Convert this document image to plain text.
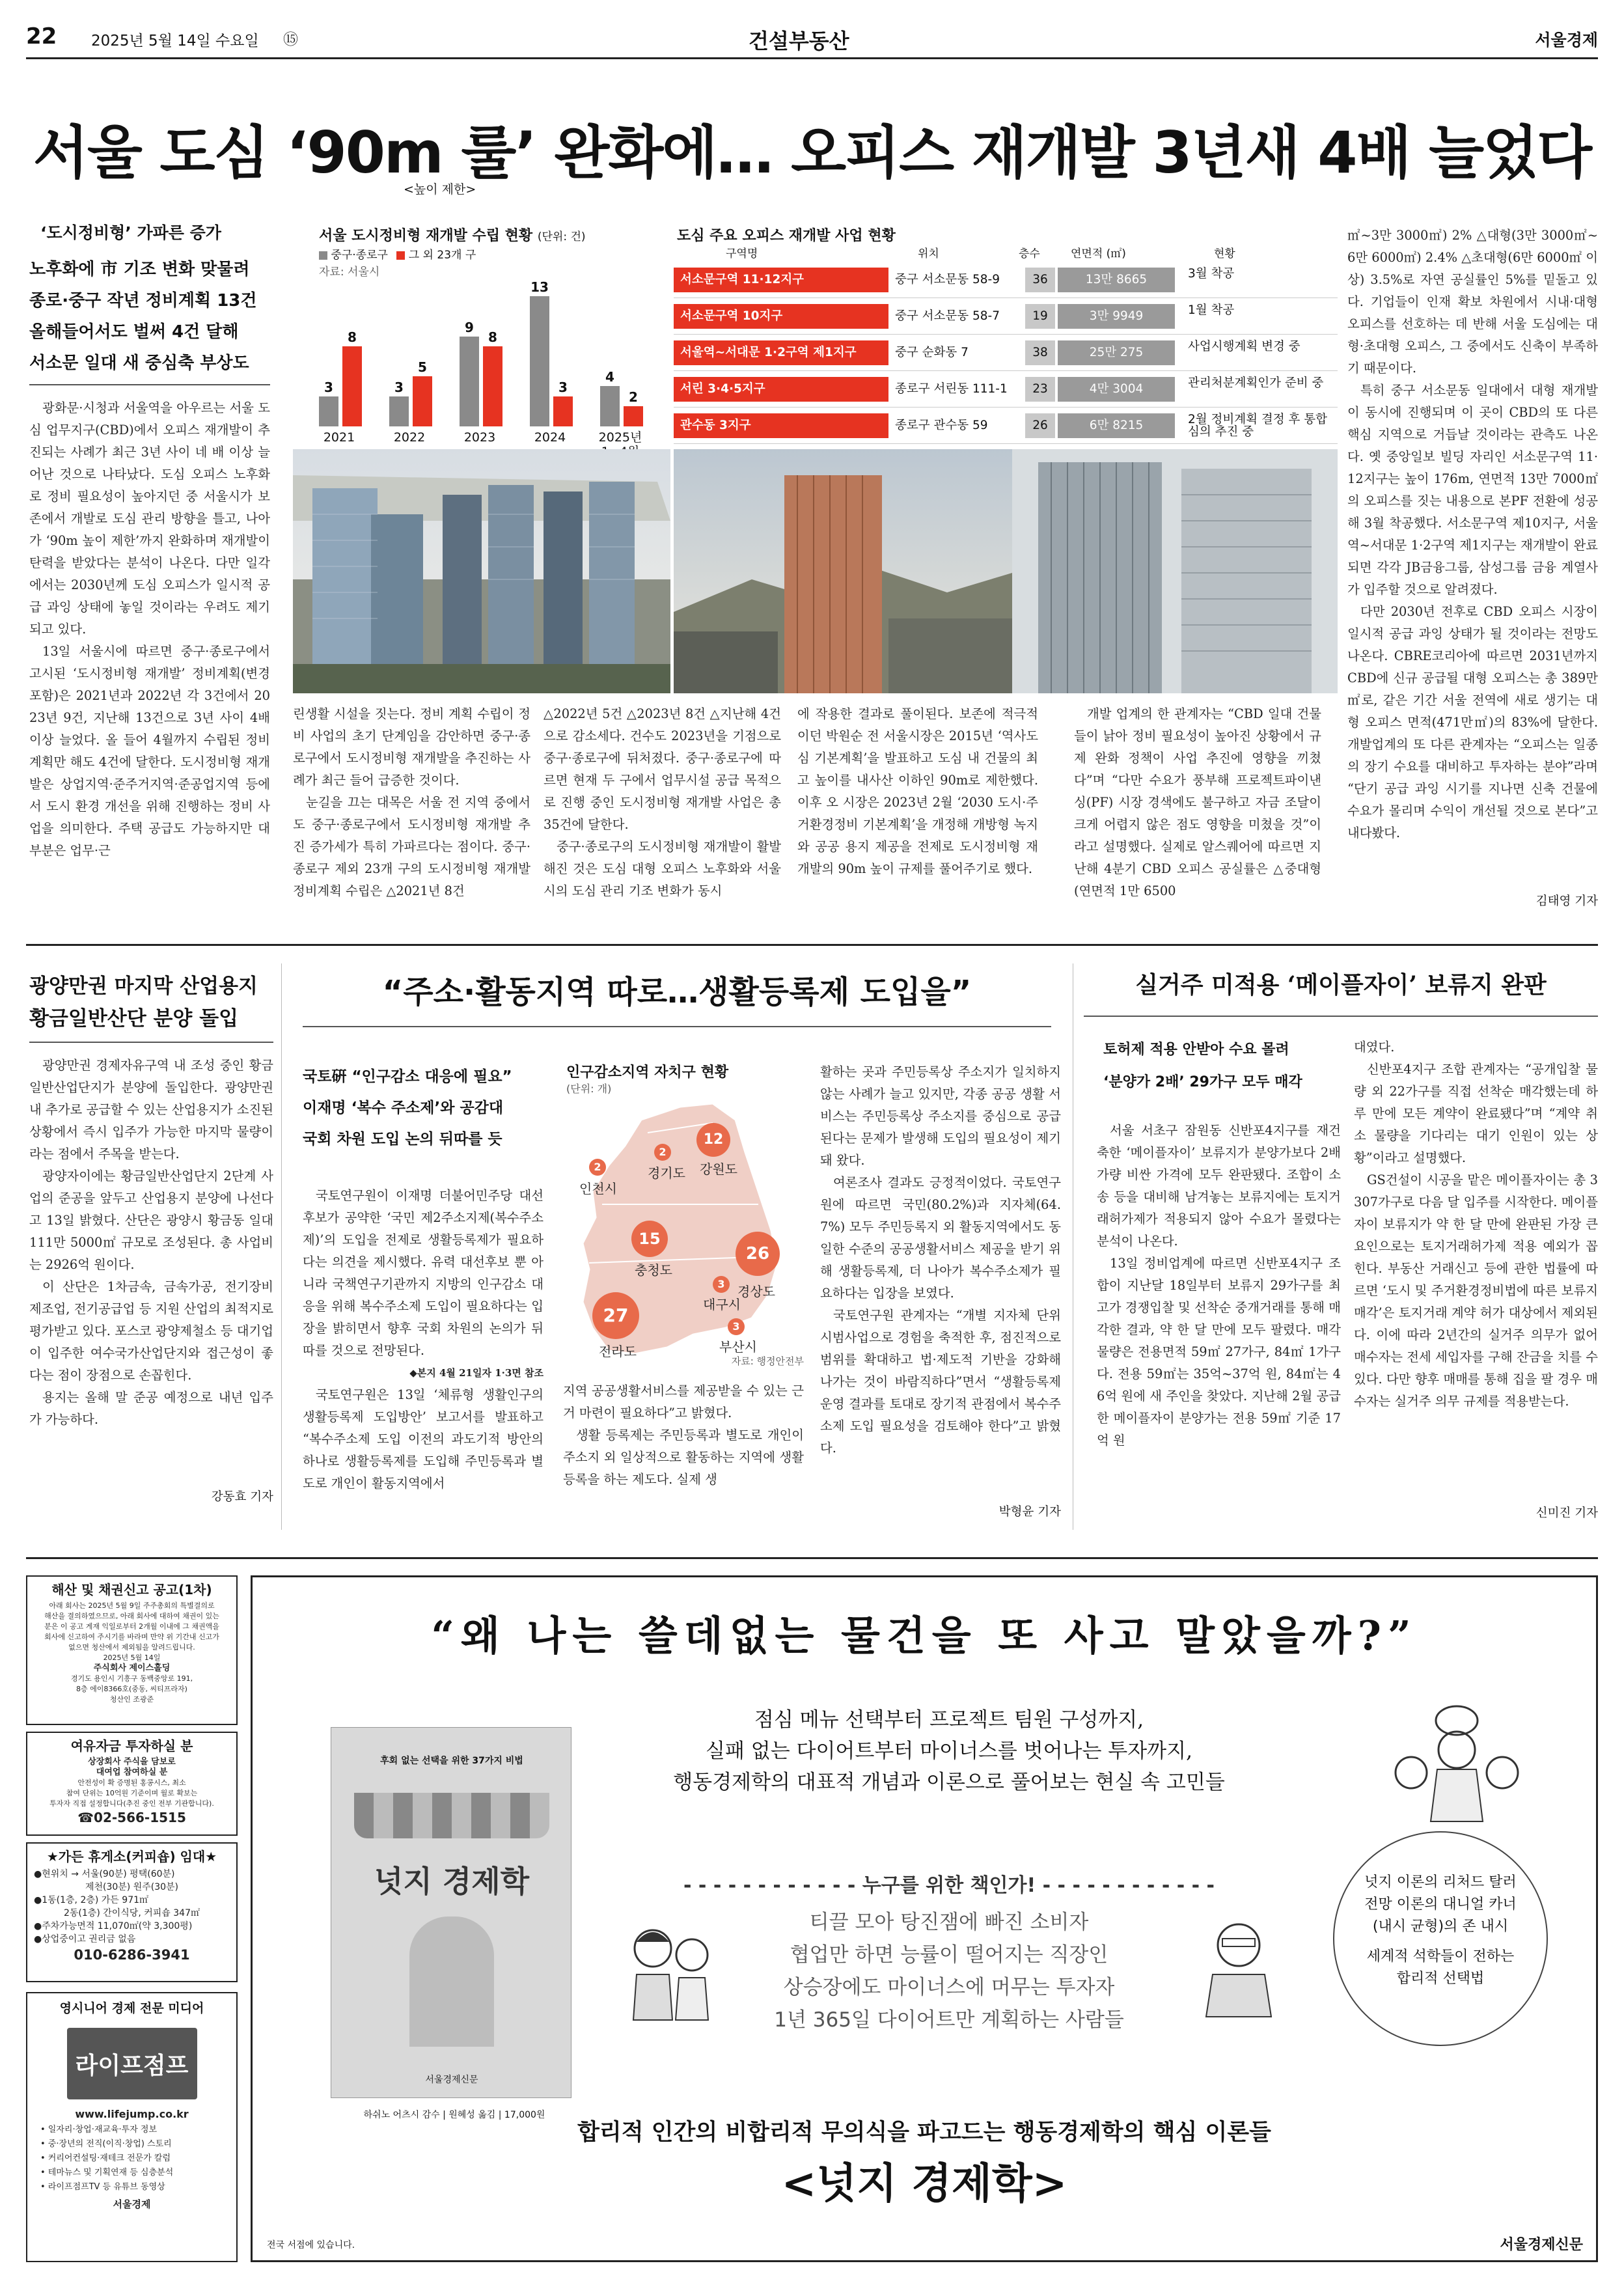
22 2025년 5월 14일 수요일 ⑮	건설부동산	서울경제
서울 도심 ‘90m 룰’ 완화에… 오피스 재개발 3년새 4배 늘었다
<높이 제한>
‘도시정비형’ 가파른 증가
노후화에 市 기조 변화 맞물려
종로·중구 작년 정비계획 13건
올해들어서도 벌써 4건 달해
서소문 일대 새 중심축 부상도

광화문·시청과 서울역을 아우르는 서울 도심 업무지구(CBD)에서 오피스 재개발이 추진되는 사례가 최근 3년 사이 네 배 이상 늘어난 것으로 나타났다. 도심 오피스 노후화로 정비 필요성이 높아지던 중 서울시가 보존에서 개발로 도심 관리 방향을 틀고, 나아가 ‘90m 높이 제한’까지 완화하며 재개발이 탄력을 받았다는 분석이 나온다. 다만 일각에서는 2030년께 도심 오피스가 일시적 공급 과잉 상태에 놓일 것이라는 우려도 제기되고 있다.

13일 서울시에 따르면 중구·종로구에서 고시된 ‘도시정비형 재개발’ 정비계획(변경 포함)은 2021년과 2022년 각 3건에서 2023년 9건, 지난해 13건으로 3년 사이 4배 이상 늘었다. 올 들어 4월까지 수립된 정비 계획만 해도 4건에 달한다. 도시정비형 재개발은 상업지역·준주거지역·준공업지역 등에서 도시 환경 개선을 위해 진행하는 정비 사업을 의미한다. 주택 공급도 가능하지만 대부분은 업무·근

서울 도시정비형 재개발 수립 현황 (단위: 건)
중구·종로구 그 외 23개 구
자료: 서울시
3
8
3
5
9
8
13
3
4
2
2021	2022	2023	2024	2025년
도심 주요 오피스 재개발 사업 현황
구역명	위치	층수	연면적 (㎡)	현황
서소문구역 11·12지구	중구 서소문동 58-9	36	13만 8665	3월 착공
서소문구역 10지구	중구 서소문동 58-7	19	3만 9949	1월 착공
서울역~서대문 1·2구역 제1지구	중구 순화동 7	38	25만 275	사업시행계획 변경 중
서린 3·4·5지구	종로구 서린동 111-1	23	4만 3004	관리처분계획인가 준비 중
관수동 3지구	종로구 관수동 59	26	6만 8215	2월 정비계획 결정 후 통합심의 추진 중

㎡~3만 3000㎡) 2% △대형(3만 3000㎡~6만 6000㎡) 2.4% △초대형(6만 6000㎡ 이상) 3.5%로 자연 공실률인 5%를 밑돌고 있다. 기업들이 인재 확보 차원에서 시내·대형 오피스를 선호하는 데 반해 서울 도심에는 대형·초대형 오피스, 그 중에서도 신축이 부족하기 때문이다.

특히 중구 서소문동 일대에서 대형 재개발이 동시에 진행되며 이 곳이 CBD의 또 다른 핵심 지역으로 거듭날 것이라는 관측도 나온다. 옛 중앙일보 빌딩 자리인 서소문구역 11·12지구는 높이 176m, 연면적 13만 7000㎡의 오피스를 짓는 내용으로 본PF 전환에 성공해 3월 착공했다. 서소문구역 제10지구, 서울역~서대문 1·2구역 제1지구는 재개발이 완료되면 각각 JB금융그룹, 삼성그룹 금융 계열사가 입주할 것으로 알려졌다.

다만 2030년 전후로 CBD 오피스 시장이 일시적 공급 과잉 상태가 될 것이라는 전망도 나온다. CBRE코리아에 따르면 2031년까지 CBD에 신규 공급될 대형 오피스는 총 389만㎡로, 같은 기간 서울 전역에 새로 생기는 대형 오피스 면적(471만㎡)의 83%에 달한다. 개발업계의 또 다른 관계자는 “오피스는 일종의 장기 수요를 대비하고 투자하는 분야”라며 “단기 공급 과잉 시기를 지나면 신축 건물에 수요가 몰리며 수익이 개선될 것으로 본다”고 내다봤다.

린생활 시설을 짓는다. 정비 계획 수립이 정비 사업의 초기 단계임을 감안하면 중구·종로구에서 도시정비형 재개발을 추진하는 사례가 최근 들어 급증한 것이다.

눈길을 끄는 대목은 서울 전 지역 중에서도 중구·종로구에서 도시정비형 재개발 추진 증가세가 특히 가파르다는 점이다. 중구·종로구 제외 23개 구의 도시정비형 재개발 정비계획 수립은 △2021년 8건

△2022년 5건 △2023년 8건 △지난해 4건으로 감소세다. 건수도 2023년을 기점으로 중구·종로구에 뒤처졌다. 중구·종로구에 따르면 현재 두 구에서 업무시설 공급 목적으로 진행 중인 도시정비형 재개발 사업은 총 35건에 달한다.

중구·종로구의 도시정비형 재개발이 활발해진 것은 도심 대형 오피스 노후화와 서울시의 도심 관리 기조 변화가 동시

에 작용한 결과로 풀이된다. 보존에 적극적이던 박원순 전 서울시장은 2015년 ‘역사도심 기본계획’을 발표하고 도심 내 건물의 최고 높이를 내사산 이하인 90m로 제한했다. 이후 오 시장은 2023년 2월 ‘2030 도시·주거환경정비 기본계획’을 개정해 개방형 녹지와 공공 용지 제공을 전제로 도시정비형 재개발의 90m 높이 규제를 풀어주기로 했다.

개발 업계의 한 관계자는 “CBD 일대 건물들이 낡아 정비 필요성이 높아진 상황에서 규제 완화 정책이 사업 추진에 영향을 끼쳤다”며 “다만 수요가 풍부해 프로젝트파이낸싱(PF) 시장 경색에도 불구하고 자금 조달이 크게 어렵지 않은 점도 영향을 미쳤을 것”이라고 설명했다. 실제로 알스퀘어에 따르면 지난해 4분기 CBD 오피스 공실률은 △중대형(연면적 1만 6500

김태영 기자
광양만권 마지막 산업용지 황금일반산단 분양 돌입

광양만권 경제자유구역 내 조성 중인 황금일반산업단지가 분양에 돌입한다. 광양만권 내 추가로 공급할 수 있는 산업용지가 소진된 상황에서 즉시 입주가 가능한 마지막 물량이라는 점에서 주목을 받는다.

광양자이에는 황금일반산업단지 2단계 사업의 준공을 앞두고 산업용지 분양에 나선다고 13일 밝혔다. 산단은 광양시 황금동 일대 111만 5000㎡ 규모로 조성된다. 총 사업비는 2926억 원이다.

이 산단은 1차금속, 금속가공, 전기장비 제조업, 전기공급업 등 지원 산업의 최적지로 평가받고 있다. 포스코 광양제철소 등 대기업이 입주한 여수국가산업단지와 접근성이 좋다는 점이 장점으로 손꼽힌다.

용지는 올해 말 준공 예정으로 내년 입주가 가능하다.

강동효 기자
“주소·활동지역 따로…생활등록제 도입을”
국토硏 “인구감소 대응에 필요”
이재명 ‘복수 주소제’와 공감대
국회 차원 도입 논의 뒤따를 듯

국토연구원이 이재명 더불어민주당 대선후보가 공약한 ‘국민 제2주소지제(복수주소제)’의 도입을 전제로 생활등록제가 필요하다는 의견을 제시했다. 유력 대선후보 뿐 아니라 국책연구기관까지 지방의 인구감소 대응을 위해 복수주소제 도입이 필요하다는 입장을 밝히면서 향후 국회 차원의 논의가 뒤따를 것으로 전망된다.

◆본지 4월 21일자 1·3면 참조

국토연구원은 13일 ‘체류형 생활인구의 생활등록제 도입방안’ 보고서를 발표하고 “복수주소제 도입 이전의 과도기적 방안의 하나로 생활등록제를 도입해 주민등록과 별도로 개인이 활동지역에서

인구감소지역 자치구 현황
(단위: 개)
12
강원도
2
경기도
2
인천시
15
충청도
26
경상도
3
대구시
27
전라도
3
부산시
자료: 행정안전부

지역 공공생활서비스를 제공받을 수 있는 근거 마련이 필요하다”고 밝혔다.

생활 등록제는 주민등록과 별도로 개인이 주소지 외 일상적으로 활동하는 지역에 생활 등록을 하는 제도다. 실제 생

활하는 곳과 주민등록상 주소지가 일치하지 않는 사례가 늘고 있지만, 각종 공공 생활 서비스는 주민등록상 주소지를 중심으로 공급된다는 문제가 발생해 도입의 필요성이 제기돼 왔다.

여론조사 결과도 긍정적이었다. 국토연구원에 따르면 국민(80.2%)과 지자체(64.7%) 모두 주민등록지 외 활동지역에서도 동일한 수준의 공공생활서비스 제공을 받기 위해 생활등록제, 더 나아가 복수주소제가 필요하다는 입장을 보였다.

국토연구원 관계자는 “개별 지자체 단위 시범사업으로 경험을 축적한 후, 점진적으로 범위를 확대하고 법·제도적 기반을 강화해 나가는 것이 바람직하다”면서 “생활등록제 운영 결과를 토대로 장기적 관점에서 복수주소제 도입 필요성을 검토해야 한다”고 밝혔다.

박형윤 기자
실거주 미적용 ‘메이플자이’ 보류지 완판
토허제 적용 안받아 수요 몰려
‘분양가 2배’ 29가구 모두 매각

서울 서초구 잠원동 신반포4지구를 재건축한 ‘메이플자이’ 보류지가 분양가보다 2배가량 비싼 가격에 모두 완판됐다. 조합이 소송 등을 대비해 남겨놓는 보류지에는 토지거래허가제가 적용되지 않아 수요가 몰렸다는 분석이 나온다.

13일 정비업계에 따르면 신반포4지구 조합이 지난달 18일부터 보류지 29가구를 최고가 경쟁입찰 및 선착순 중개거래를 통해 매각한 결과, 약 한 달 만에 모두 팔렸다. 매각 물량은 전용면적 59㎡ 27가구, 84㎡ 1가구다. 전용 59㎡는 35억~37억 원, 84㎡는 46억 원에 새 주인을 찾았다. 지난해 2월 공급한 메이플자이 분양가는 전용 59㎡ 기준 17억 원

대였다.

신반포4지구 조합 관계자는 “공개입찰 물량 외 22가구를 직접 선착순 매각했는데 하루 만에 모든 계약이 완료됐다”며 “계약 취소 물량을 기다리는 대기 인원이 있는 상황”이라고 설명했다.

GS건설이 시공을 맡은 메이플자이는 총 3307가구로 다음 달 입주를 시작한다. 메이플자이 보류지가 약 한 달 만에 완판된 가장 큰 요인으로는 토지거래허가제 적용 예외가 꼽힌다. 부동산 거래신고 등에 관한 법률에 따르면 ‘도시 및 주거환경정비법에 따른 보류지 매각’은 토지거래 계약 허가 대상에서 제외된다. 이에 따라 2년간의 실거주 의무가 없어 매수자는 전세 세입자를 구해 잔금을 치를 수 있다. 다만 향후 매매를 통해 집을 팔 경우 매수자는 실거주 의무 규제를 적용받는다.

신미진 기자
해산 및 채권신고 공고(1차)
아래 회사는 2025년 5월 9일 주주총회의 특별결의로
해산을 결의하였으므로, 아래 회사에 대하여 채권이 있는
분은 이 공고 게재 익일로부터 2개월 이내에 그 채권액을
회사에 신고하여 주시기를 바라며 만약 위 기간내 신고가
없으면 청산에서 제외됨을 알려드립니다.
2025년 5월 14일
주식회사 제이스홀딩
경기도 용인시 기흥구 동백중앙로 191,
8층 에이8366호(중동, 씨티프라자)
청산인 조광준
여유자금 투자하실 분
상장회사 주식을 담보로
대여업 참여하실 분
안전성이 확 증명된 홍콩시스, 최소
참여 단위는 10억원 기준이며 월로 확보는
투자자 직접 설정합니다(추진 중인 전부 기관합니다).
☎02-566-1515
★가든 휴게소(커피숍) 임대★
●현위치 → 서울(90분) 평택(60분)
제천(30분) 원주(30분)
●1동(1층, 2층) 가든 971㎡
2동(1층) 간이식당, 커피숍 347㎡
●주차가능면적 11,070㎡(약 3,300평)
●상업중이고 권리금 없음
010-6286-3941
영시니어 경제 전문 미디어
라이프점프
www.lifejump.co.kr
• 일자리·창업·재교육·투자 정보
• 중·장년의 전직(이직·창업) 스토리
• 커리어컨설팅·재테크 전문가 칼럼
• 테마뉴스 및 기획연재 등 심층분석
• 라이프점프TV 등 유튜브 동영상
서울경제
“왜 나는 쓸데없는 물건을 또 사고 말았을까?”
점심 메뉴 선택부터 프로젝트 팀원 구성까지,
실패 없는 다이어트부터 마이너스를 벗어나는 투자까지,
행동경제학의 대표적 개념과 이론으로 풀어보는 현실 속 고민들
후회 없는 선택을 위한 37가지 비법
넛지 경제학
서울경제신문
하쉬노 어츠시 감수 | 원혜성 옮김 | 17,000원
- - - - - - - - - - - - 누구를 위한 책인가! - - - - - - - - - - - -
티끌 모아 탕진잼에 빠진 소비자
협업만 하면 능률이 떨어지는 직장인
상승장에도 마이너스에 머무는 투자자
1년 365일 다이어트만 계획하는 사람들
넛지 이론의 리처드 탈러
전망 이론의 대니얼 카너
(내시 균형)의 존 내시
세계적 석학들이 전하는
합리적 선택법
합리적 인간의 비합리적 무의식을 파고드는 행동경제학의 핵심 이론들
<넛지 경제학>
전국 서점에 있습니다.	서울경제신문
